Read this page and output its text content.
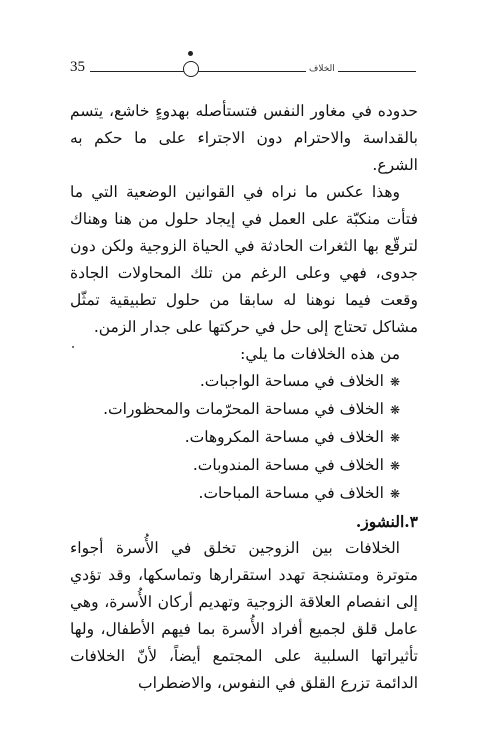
35	الخلاف

حدوده في مغاور النفس فتستأصله بهدوءٍ خاشع، يتسم بالقداسة والاحترام دون الاجتراء على ما حكم به الشرع.

وهذا عكس ما نراه في القوانين الوضعية التي ما فتأت منكبّة على العمل في إيجاد حلول من هنا وهناك لترقّع بها الثغرات الحادثة في الحياة الزوجية ولكن دون جدوى، فهي وعلى الرغم من تلك المحاولات الجادة وقعت فيما نوهنا له سابقا من حلول تطبيقية تمثّل مشاكل تحتاج إلى حل في حركتها على جدار الزمن.

من هذه الخلافات ما يلي:

❋الخلاف في مساحة الواجبات.
❋الخلاف في مساحة المحرّمات والمحظورات.
❋الخلاف في مساحة المكروهات.
❋الخلاف في مساحة المندوبات.
❋الخلاف في مساحة المباحات.

٣.النشوز.

الخلافات بين الزوجين تخلق في الأُسرة أجواء متوترة ومتشنجة تهدد استقرارها وتماسكها، وقد تؤدي إلى انفصام العلاقة الزوجية وتهديم أركان الأُسرة، وهي عامل قلق لجميع أفراد الأُسرة بما فيهم الأطفال، ولها تأثيراتها السلبية على المجتمع أيضاً، لأنّ الخلافات الدائمة تزرع القلق في النفوس، والاضطراب
